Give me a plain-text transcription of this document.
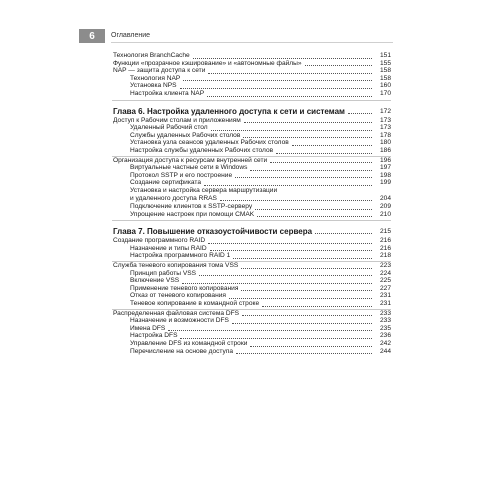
6	Оглавление
Технология BranchCache	151
Функции «прозрачное кэширование» и «автономные файлы»	155
NAP — защита доступа к сети	158
Технология NAP	158
Установка NPS	160
Настройка клиента NAP	170
Глава 6. Настройка удаленного доступа к сети и системам	172
Доступ к Рабочим столам и приложениям	173
Удаленный Рабочий стол	173
Службы удаленных Рабочих столов	178
Установка узла сеансов удаленных Рабочих столов	180
Настройка службы удаленных Рабочих столов	186
Организация доступа к ресурсам внутренней сети	196
Виртуальные частные сети в Windows	197
Протокол SSTP и его построение	198
Создание сертификата	199
Установка и настройка сервера маршрутизации
и удаленного доступа RRAS	204
Подключение клиентов к SSTP-серверу	209
Упрощение настроек при помощи CMAK	210
Глава 7. Повышение отказоустойчивости сервера	215
Создание программного RAID	216
Назначение и типы RAID	216
Настройка программного RAID 1	218
Служба теневого копирования тома VSS	223
Принцип работы VSS	224
Включение VSS	225
Применение теневого копирования	227
Отказ от теневого копирования	231
Теневое копирование в командной строке	231
Распределенная файловая система DFS	233
Назначение и возможности DFS	233
Имена DFS	235
Настройка DFS	236
Управление DFS из командной строки	242
Перечисление на основе доступа	244
